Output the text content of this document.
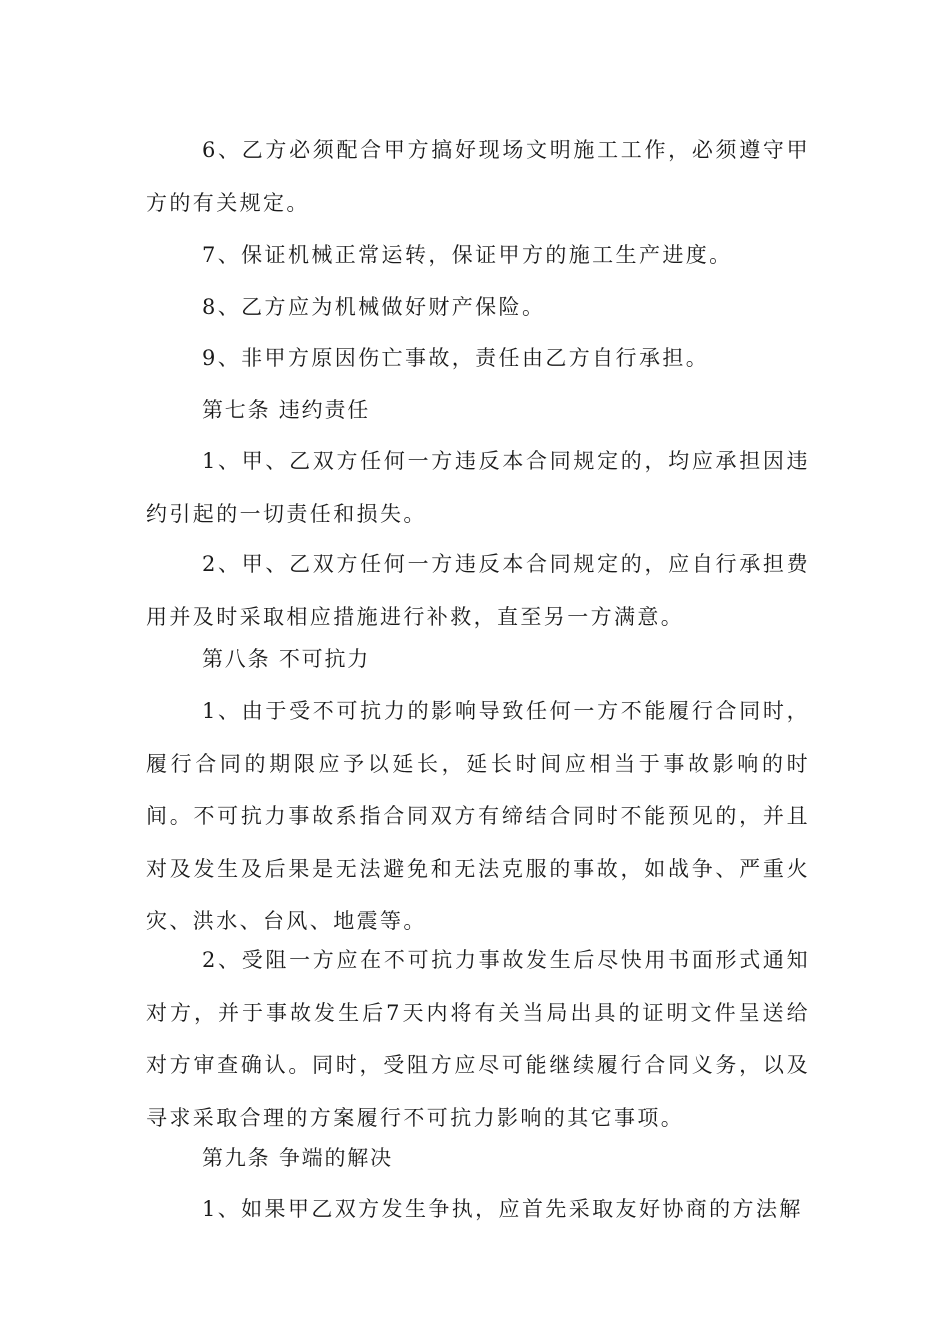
6、乙方必须配合甲方搞好现场文明施工工作，必须遵守甲方的有关规定。

7、保证机械正常运转，保证甲方的施工生产进度。

8、乙方应为机械做好财产保险。

9、非甲方原因伤亡事故，责任由乙方自行承担。

第七条 违约责任

1、甲、乙双方任何一方违反本合同规定的，均应承担因违约引起的一切责任和损失。

2、甲、乙双方任何一方违反本合同规定的，应自行承担费用并及时采取相应措施进行补救，直至另一方满意。

第八条 不可抗力

1、由于受不可抗力的影响导致任何一方不能履行合同时，履行合同的期限应予以延长，延长时间应相当于事故影响的时间。不可抗力事故系指合同双方有缔结合同时不能预见的，并且对及发生及后果是无法避免和无法克服的事故，如战争、严重火灾、洪水、台风、地震等。

2、受阻一方应在不可抗力事故发生后尽快用书面形式通知对方，并于事故发生后7天内将有关当局出具的证明文件呈送给对方审查确认。同时，受阻方应尽可能继续履行合同义务，以及寻求采取合理的方案履行不可抗力影响的其它事项。

第九条 争端的解决

1、如果甲乙双方发生争执，应首先采取友好协商的方法解
